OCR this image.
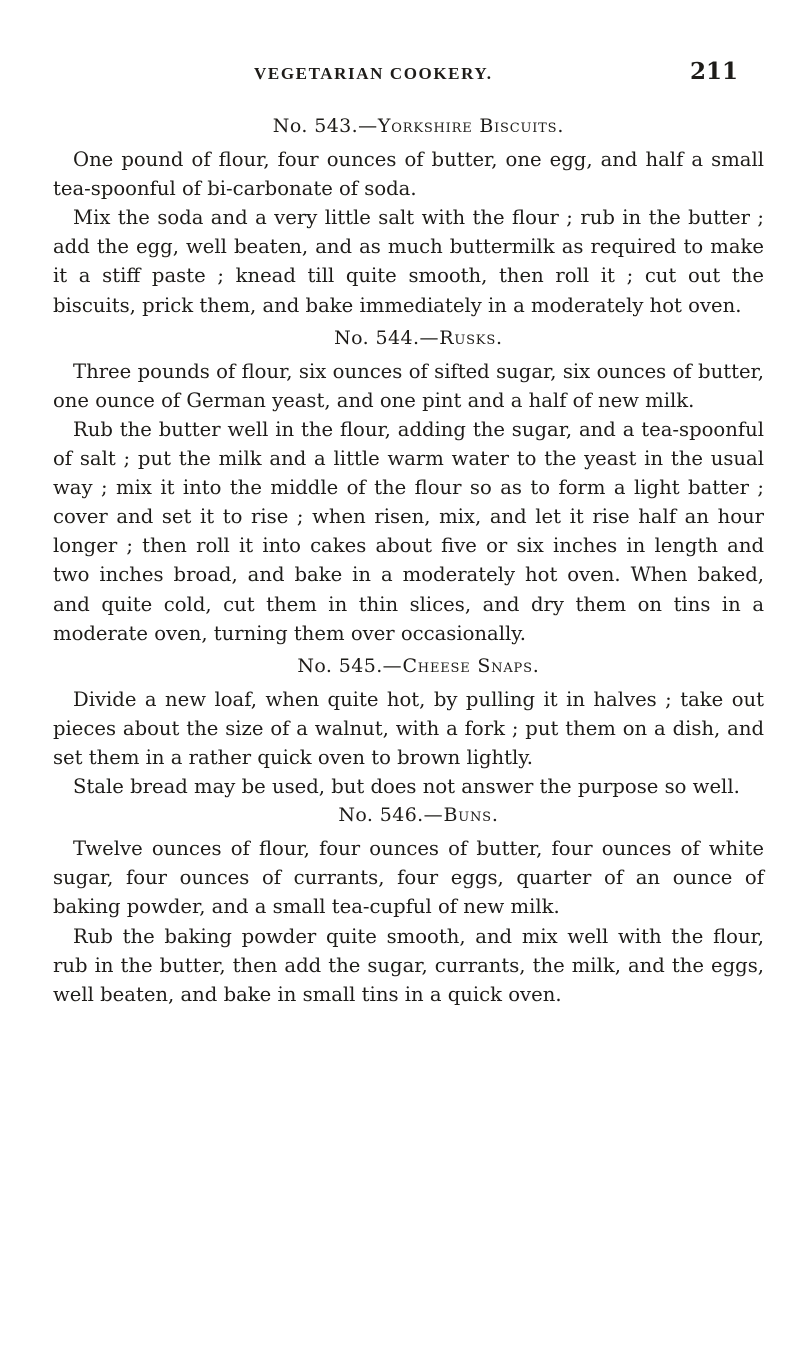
VEGETARIAN COOKERY.	211

No. 543.—Yorkshire Biscuits.

One pound of flour, four ounces of butter, one egg, and half a small tea-spoonful of bi-carbonate of soda.

Mix the soda and a very little salt with the flour ; rub in the butter ; add the egg, well beaten, and as much buttermilk as required to make it a stiff paste ; knead till quite smooth, then roll it ; cut out the biscuits, prick them, and bake immediately in a moderately hot oven.

No. 544.—Rusks.

Three pounds of flour, six ounces of sifted sugar, six ounces of butter, one ounce of German yeast, and one pint and a half of new milk.

Rub the butter well in the flour, adding the sugar, and a tea-spoonful of salt ; put the milk and a little warm water to the yeast in the usual way ; mix it into the middle of the flour so as to form a light batter ; cover and set it to rise ; when risen, mix, and let it rise half an hour longer ; then roll it into cakes about five or six inches in length and two inches broad, and bake in a moderately hot oven. When baked, and quite cold, cut them in thin slices, and dry them on tins in a moderate oven, turning them over occasionally.

No. 545.—Cheese Snaps.

Divide a new loaf, when quite hot, by pulling it in halves ; take out pieces about the size of a walnut, with a fork ; put them on a dish, and set them in a rather quick oven to brown lightly.

Stale bread may be used, but does not answer the purpose so well.

No. 546.—Buns.

Twelve ounces of flour, four ounces of butter, four ounces of white sugar, four ounces of currants, four eggs, quarter of an ounce of baking powder, and a small tea-cupful of new milk.

Rub the baking powder quite smooth, and mix well with the flour, rub in the butter, then add the sugar, currants, the milk, and the eggs, well beaten, and bake in small tins in a quick oven.
